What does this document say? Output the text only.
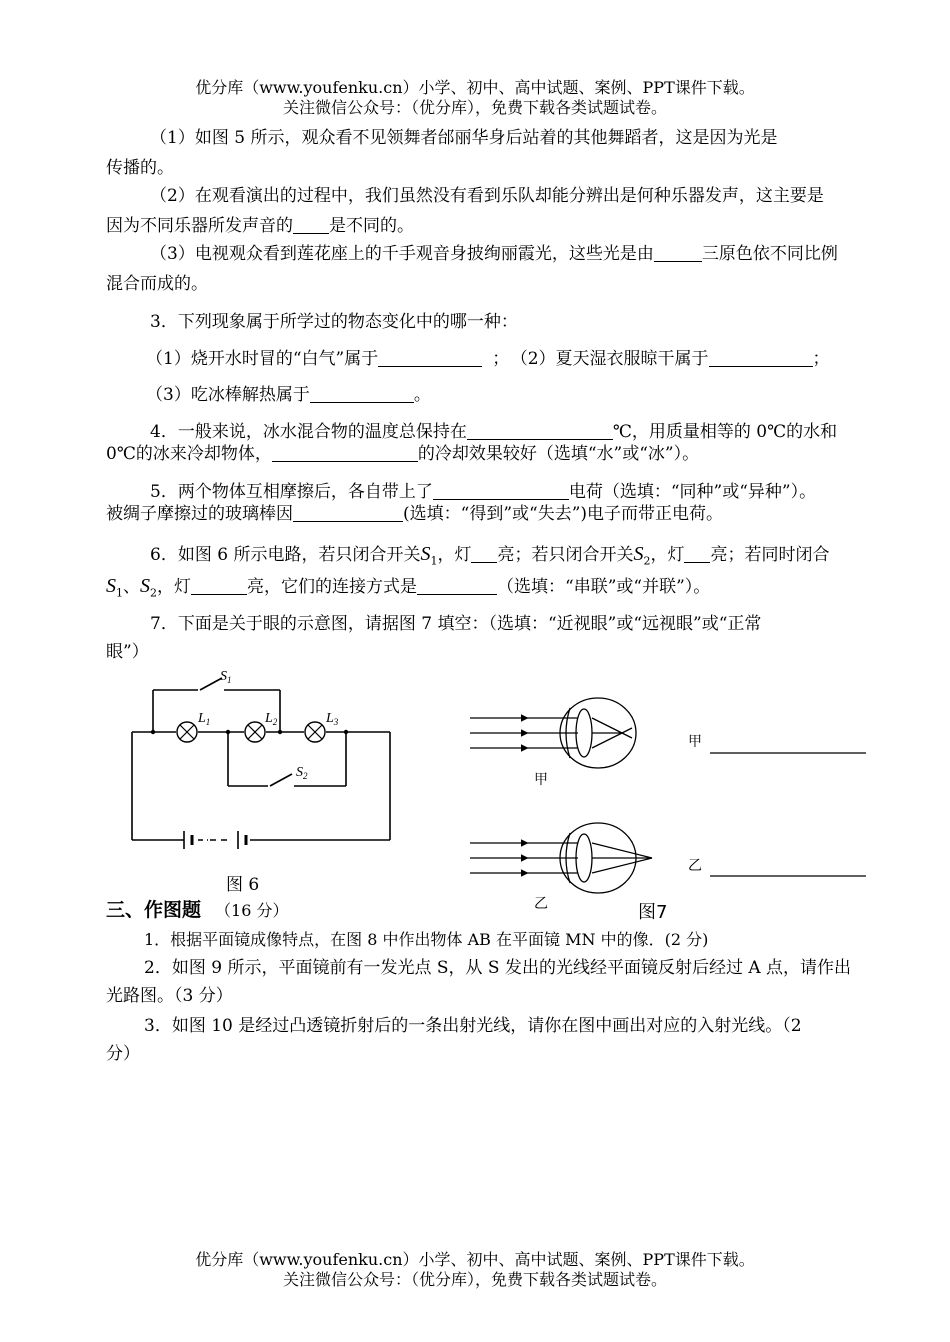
优分库（www.youfenku.cn）小学、初中、高中试题、案例、PPT课件下载。
关注微信公众号：（优分库），免费下载各类试题试卷。
（1）如图 5 所示，观众看不见领舞者邰丽华身后站着的其他舞蹈者，这是因为光是
传播的。
（2）在观看演出的过程中，我们虽然没有看到乐队却能分辨出是何种乐器发声，这主要是
因为不同乐器所发声音的 是不同的。
（3）电视观众看到莲花座上的千手观音身披绚丽霞光，这些光是由	三原色依不同比例
混合而成的。
3．下列现象属于所学过的物态变化中的哪一种：
（1）烧开水时冒的“白气”属于	； （2）夏天湿衣服晾干属于	；
（3）吃冰棒解热属于	。
4．一般来说，冰水混合物的温度总保持在	℃，用质量相等的 0℃的水和
0℃的冰来冷却物体，	的冷却效果较好（选填“水”或“冰”）。
5．两个物体互相摩擦后，各自带上了	电荷（选填：“同种”或“异种”）。
被绸子摩擦过的玻璃棒因	(选填：“得到”或“失去”)电子而带正电荷。
6．如图 6 所示电路，若只闭合开关$S_1$，灯 亮；若只闭合开关$S_2$，灯 亮；若同时闭合
$S_1$、$S_2$，灯	亮，它们的连接方式是	（选填：“串联”或“并联”）。
7．下面是关于眼的示意图，请据图 7 填空：（选填：“近视眼”或“远视眼”或“正常
眼”）
$S_1$
$L_1$	$L_2$	$L_3$
$S_2$
图 6
甲
乙
甲
乙
图7
三、作图题 （16 分）
1．根据平面镜成像特点，在图 8 中作出物体 AB 在平面镜 MN 中的像．(2 分)
2．如图 9 所示，平面镜前有一发光点 S，从 S 发出的光线经平面镜反射后经过 A 点，请作出
光路图。（3 分）
3．如图 10 是经过凸透镜折射后的一条出射光线，请你在图中画出对应的入射光线。（2
分）
优分库（www.youfenku.cn）小学、初中、高中试题、案例、PPT课件下载。
关注微信公众号：（优分库），免费下载各类试题试卷。
